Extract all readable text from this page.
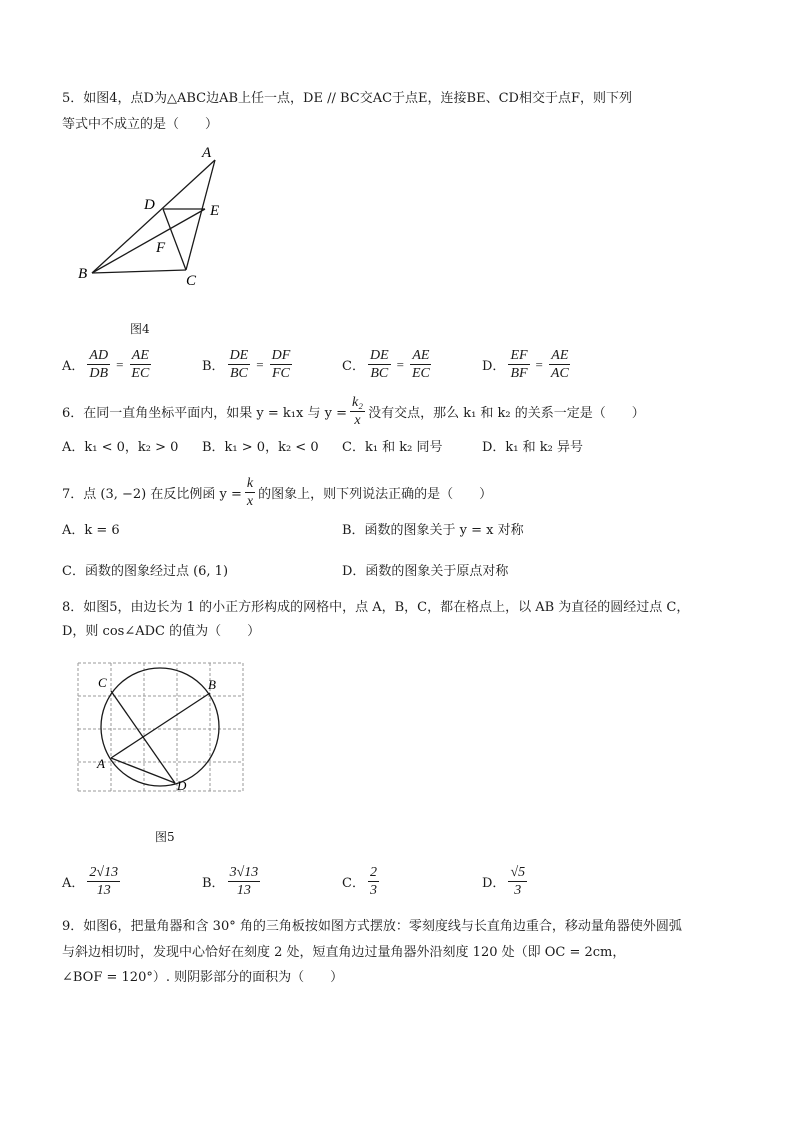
5．如图4，点D为△ABC边AB上任一点，DE // BC交AC于点E，连接BE、CD相交于点F，则下列
等式中不成立的是（　　）
A
B	C
D	E
F
图4
A． $\frac{AD}{DB} = \frac{AE}{EC}$	B． $\frac{DE}{BC} = \frac{DF}{FC}$	C． $\frac{DE}{BC} = \frac{AE}{EC}$	D． $\frac{EF}{BF} = \frac{AE}{AC}$
6．在同一直角坐标平面内，如果 y = k₁x 与 $y = \frac{\text{k₂}}{x}$ 没有交点，那么 k₁ 和 k₂ 的关系一定是（　　）
A．k₁ < 0，k₂ > 0 B．k₁ > 0，k₂ < 0 C．k₁ 和 k₂ 同号	D．k₁ 和 k₂ 异号
7．点 (3, −2) 在反比例函 $y = \frac{k}{x}$ 的图象上，则下列说法正确的是（　　）
A．k = 6	B．函数的图象关于 y = x 对称
C．函数的图象经过点 (6, 1)	D．函数的图象关于原点对称
8．如图5，由边长为 1 的小正方形构成的网格中，点 A，B，C，都在格点上，以 AB 为直径的圆经过点 C，
D，则 cos∠ADC 的值为（　　）
C	B
A
D
图5
A． $\frac{2√13}{13}$	B． $\frac{3√13}{13}$	C． $\frac{2}{3}$	D． $\frac{√5}{3}$
9．如图6，把量角器和含 30° 角的三角板按如图方式摆放：零刻度线与长直角边重合，移动量角器使外圆弧
与斜边相切时，发现中心恰好在刻度 2 处，短直角边过量角器外沿刻度 120 处（即 OC = 2cm，
∠BOF = 120°）. 则阴影部分的面积为（　　）
